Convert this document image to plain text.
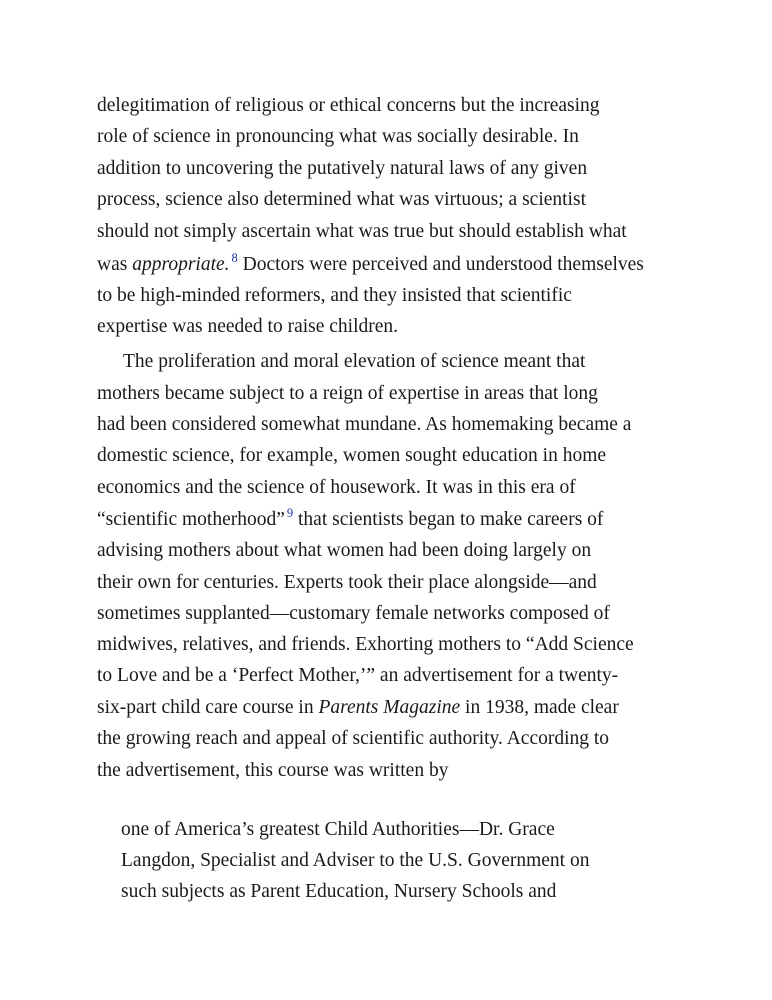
delegitimation of religious or ethical concerns but the increasing
role of science in pronouncing what was socially desirable. In
addition to uncovering the putatively natural laws of any given
process, science also determined what was virtuous; a scientist
should not simply ascertain what was true but should establish what
was appropriate. $^8$ Doctors were perceived and understood themselves
to be high-minded reformers, and they insisted that scientific
expertise was needed to raise children.
The proliferation and moral elevation of science meant that
mothers became subject to a reign of expertise in areas that long
had been considered somewhat mundane. As homemaking became a
domestic science, for example, women sought education in home
economics and the science of housework. It was in this era of
“scientific motherhood” $^9$ that scientists began to make careers of
advising mothers about what women had been doing largely on
their own for centuries. Experts took their place alongside—and
sometimes supplanted—customary female networks composed of
midwives, relatives, and friends. Exhorting mothers to “Add Science
to Love and be a ‘Perfect Mother,’” an advertisement for a twenty-
six-part child care course in Parents Magazine in 1938, made clear
the growing reach and appeal of scientific authority. According to
the advertisement, this course was written by
one of America’s greatest Child Authorities—Dr. Grace
Langdon, Specialist and Adviser to the U.S. Government on
such subjects as Parent Education, Nursery Schools and
